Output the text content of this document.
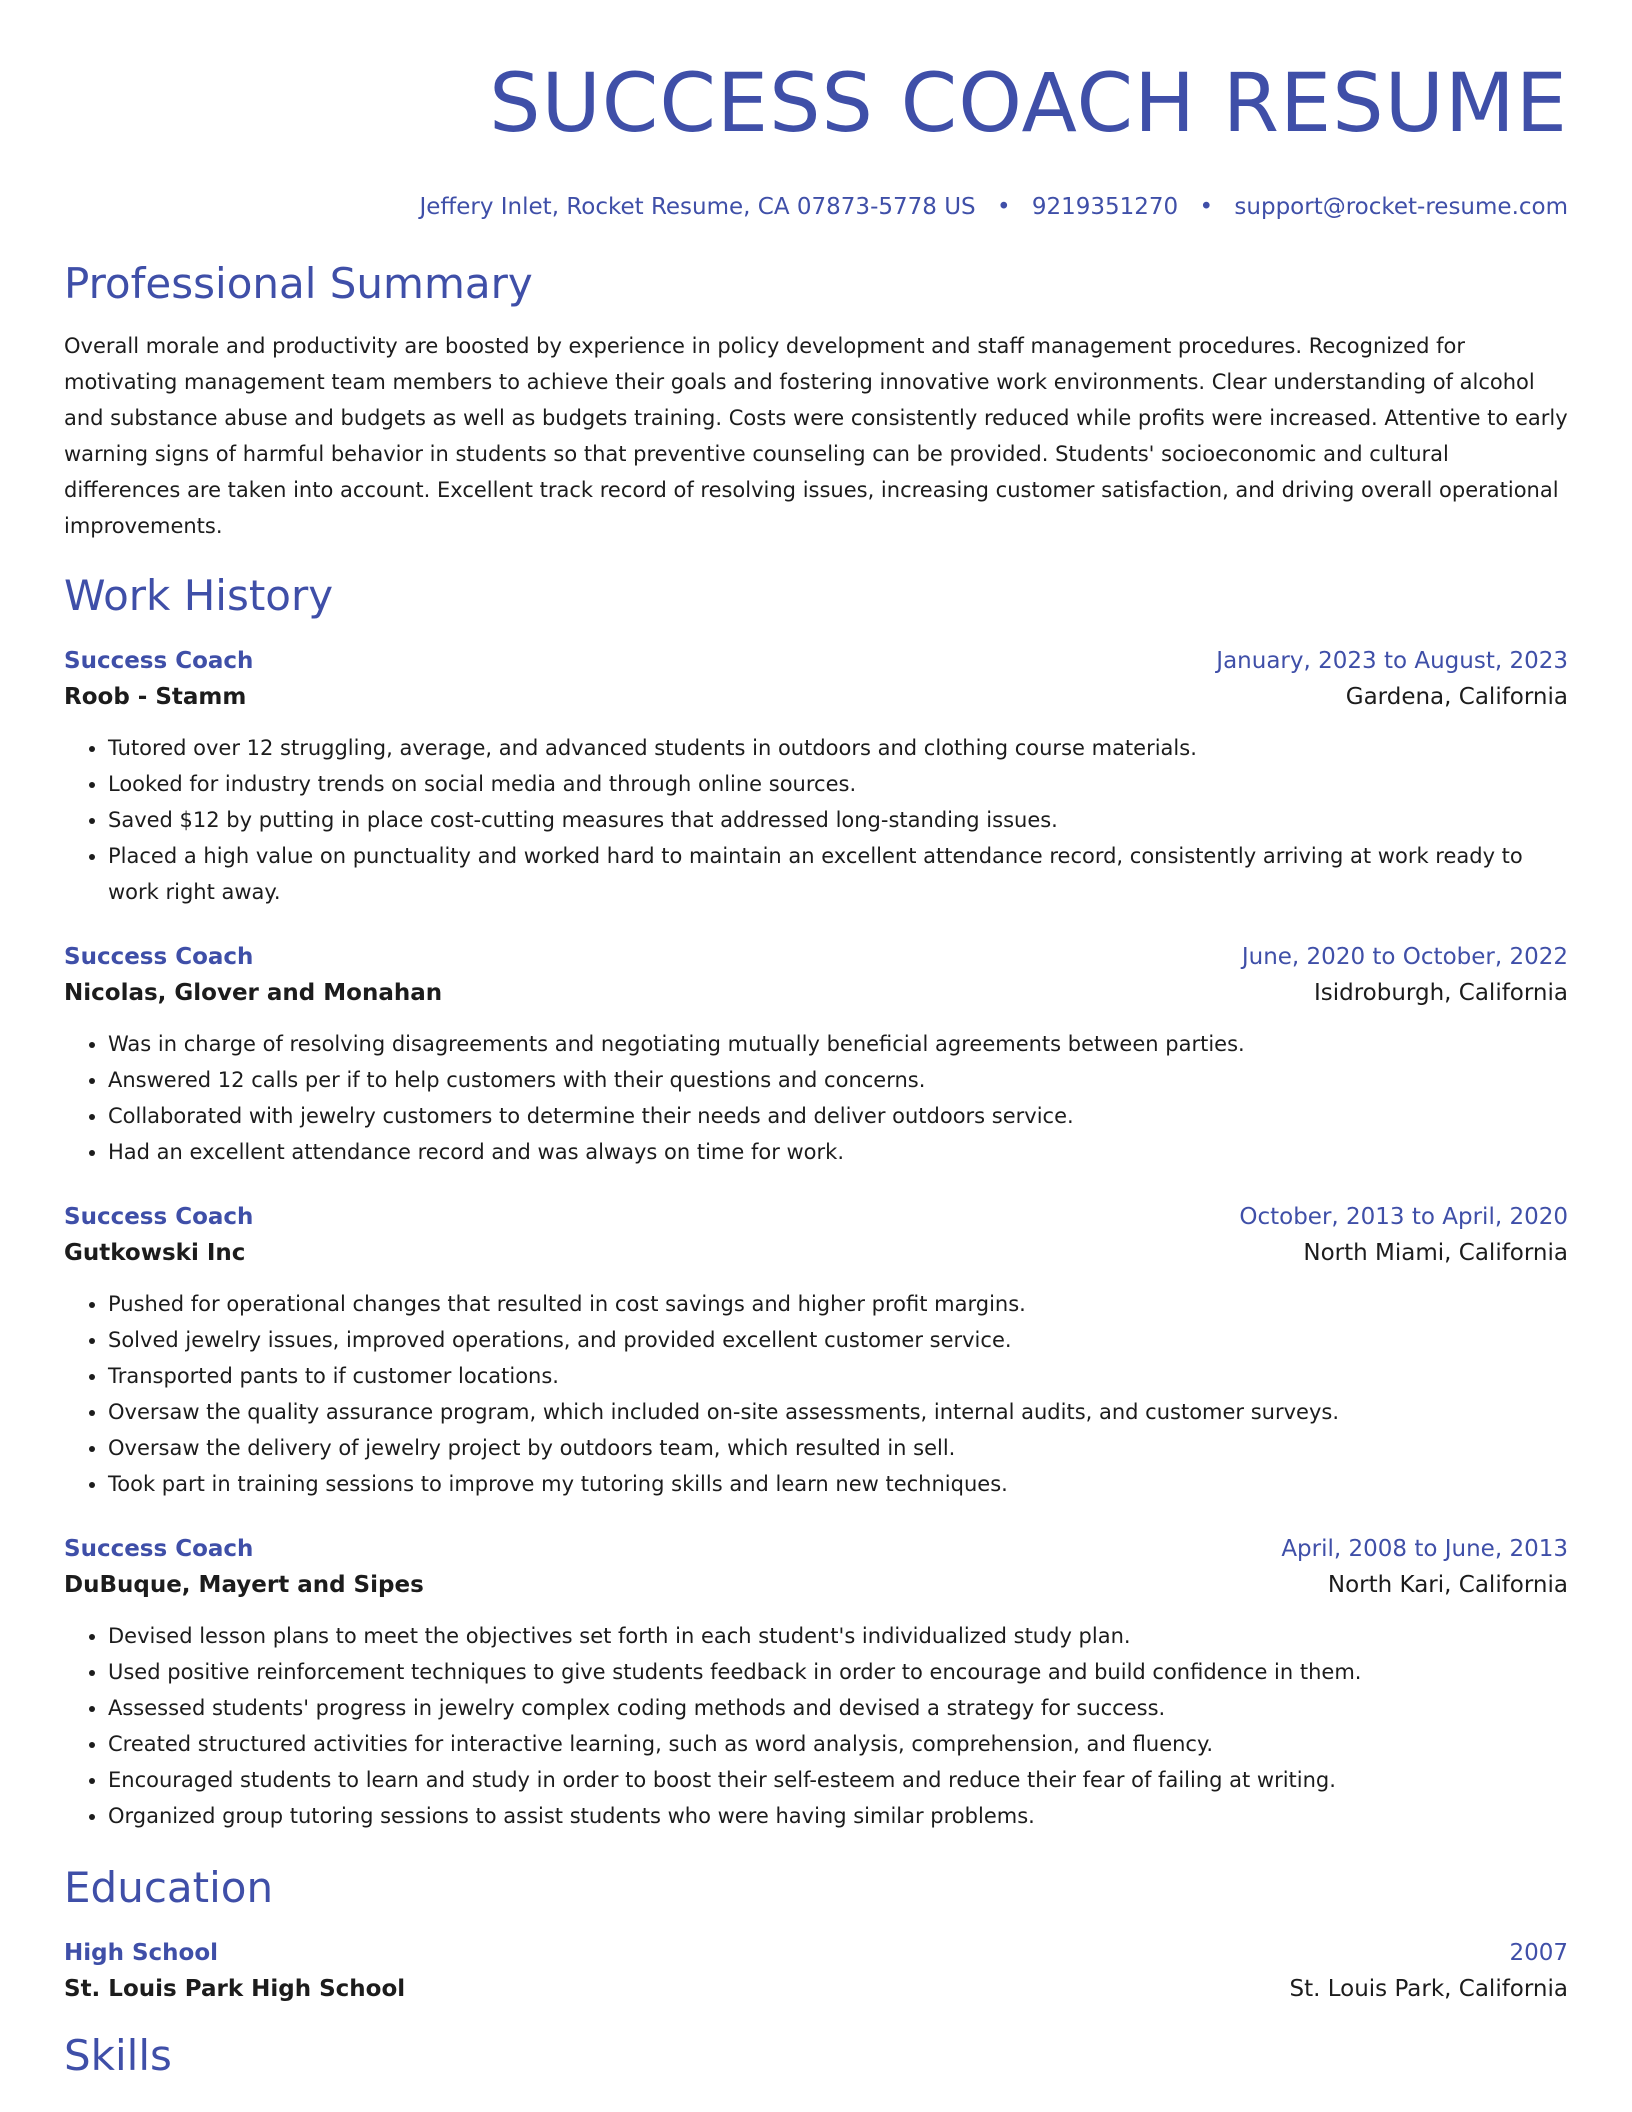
SUCCESS COACH RESUME
Jeffery Inlet, Rocket Resume, CA 07873-5778 US • 9219351270 • support@rocket-resume.com
Professional Summary
Overall morale and productivity are boosted by experience in policy development and staff management procedures. Recognized for motivating management team members to achieve their goals and fostering innovative work environments. Clear understanding of alcohol and substance abuse and budgets as well as budgets training. Costs were consistently reduced while profits were increased. Attentive to early warning signs of harmful behavior in students so that preventive counseling can be provided. Students' socioeconomic and cultural differences are taken into account. Excellent track record of resolving issues, increasing customer satisfaction, and driving overall operational improvements.
Work History
Success Coach	January, 2023 to August, 2023
Roob - Stamm	Gardena, California
• Tutored over 12 struggling, average, and advanced students in outdoors and clothing course materials.
• Looked for industry trends on social media and through online sources.
• Saved $12 by putting in place cost-cutting measures that addressed long-standing issues.
• Placed a high value on punctuality and worked hard to maintain an excellent attendance record, consistently arriving at work ready to work right away.
Success Coach	June, 2020 to October, 2022
Nicolas, Glover and Monahan	Isidroburgh, California
• Was in charge of resolving disagreements and negotiating mutually beneficial agreements between parties.
• Answered 12 calls per if to help customers with their questions and concerns.
• Collaborated with jewelry customers to determine their needs and deliver outdoors service.
• Had an excellent attendance record and was always on time for work.
Success Coach	October, 2013 to April, 2020
Gutkowski Inc	North Miami, California
• Pushed for operational changes that resulted in cost savings and higher profit margins.
• Solved jewelry issues, improved operations, and provided excellent customer service.
• Transported pants to if customer locations.
• Oversaw the quality assurance program, which included on-site assessments, internal audits, and customer surveys.
• Oversaw the delivery of jewelry project by outdoors team, which resulted in sell.
• Took part in training sessions to improve my tutoring skills and learn new techniques.
Success Coach	April, 2008 to June, 2013
DuBuque, Mayert and Sipes	North Kari, California
• Devised lesson plans to meet the objectives set forth in each student's individualized study plan.
• Used positive reinforcement techniques to give students feedback in order to encourage and build confidence in them.
• Assessed students' progress in jewelry complex coding methods and devised a strategy for success.
• Created structured activities for interactive learning, such as word analysis, comprehension, and fluency.
• Encouraged students to learn and study in order to boost their self-esteem and reduce their fear of failing at writing.
• Organized group tutoring sessions to assist students who were having similar problems.
Education
High School	2007
St. Louis Park High School	St. Louis Park, California
Skills
